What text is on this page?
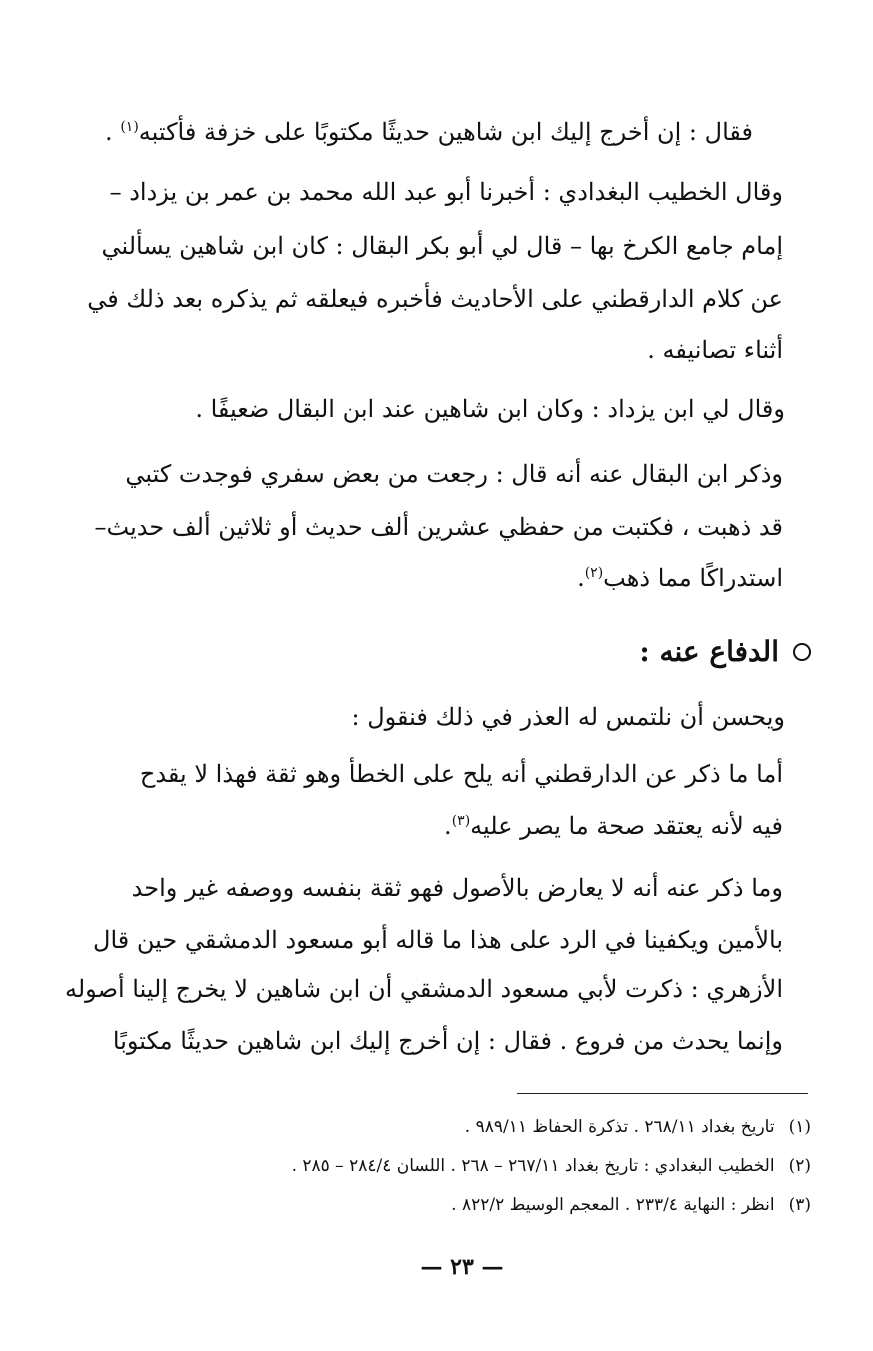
فقال : إن أخرج إليك ابن شاهين حديثًا مكتوبًا على خزفة فأكتبه$^{(١)}$ .
وقال الخطيب البغدادي : أخبرنا أبو عبد الله محمد بن عمر بن يزداد –
إمام جامع الكرخ بها – قال لي أبو بكر البقال : كان ابن شاهين يسألني
عن كلام الدارقطني على الأحاديث فأخبره فيعلقه ثم يذكره بعد ذلك في
أثناء تصانيفه .
وقال لي ابن يزداد : وكان ابن شاهين عند ابن البقال ضعيفًا .
وذكر ابن البقال عنه أنه قال : رجعت من بعض سفري فوجدت كتبي
قد ذهبت ، فكتبت من حفظي عشرين ألف حديث أو ثلاثين ألف حديث–
استدراكًا مما ذهب$^{(٢)}$.
الدفاع عنه :
ويحسن أن نلتمس له العذر في ذلك فنقول :
أما ما ذكر عن الدارقطني أنه يلح على الخطأ وهو ثقة فهذا لا يقدح
فيه لأنه يعتقد صحة ما يصر عليه$^{(٣)}$.
وما ذكر عنه أنه لا يعارض بالأصول فهو ثقة بنفسه ووصفه غير واحد
بالأمين ويكفينا في الرد على هذا ما قاله أبو مسعود الدمشقي حين قال
الأزهري : ذكرت لأبي مسعود الدمشقي أن ابن شاهين لا يخرج إلينا أصوله
وإنما يحدث من فروع . فقال : إن أخرج إليك ابن شاهين حديثًا مكتوبًا
(١)
تاريخ بغداد ٢٦٨/١١ . تذكرة الحفاظ ٩٨٩/١١ .
(٢)
الخطيب البغدادي : تاريخ بغداد ٢٦٧/١١ – ٢٦٨ . اللسان ٢٨٤/٤ – ٢٨٥ .
(٣)
انظر : النهاية ٢٣٣/٤ . المعجم الوسيط ٨٢٢/٢ .
— ٢٣ —
